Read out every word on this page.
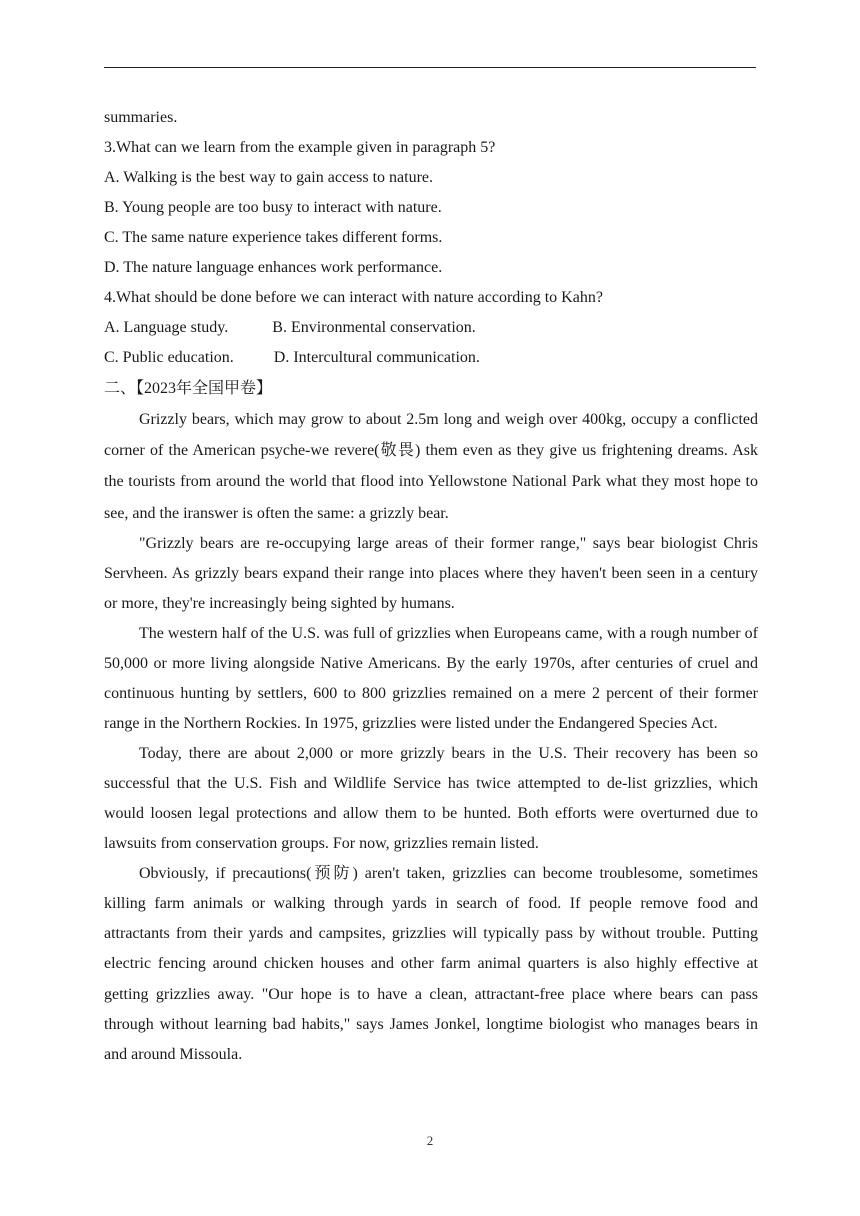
summaries.
3.What can we learn from the example given in paragraph 5?
A. Walking is the best way to gain access to nature.
B. Young people are too busy to interact with nature.
C. The same nature experience takes different forms.
D. The nature language enhances work performance.
4.What should be done before we can interact with nature according to Kahn?
A. Language study.	B. Environmental conservation.
C. Public education.	D. Intercultural communication.
二、【2023年全国甲卷】

Grizzly bears, which may grow to about 2.5m long and weigh over 400kg, occupy a conflicted corner of the American psyche-we revere(敬畏) them even as they give us frightening dreams. Ask the tourists from around the world that flood into Yellowstone National Park what they most hope to see, and the iranswer is often the same: a grizzly bear.

"Grizzly bears are re-occupying large areas of their former range," says bear biologist Chris Servheen. As grizzly bears expand their range into places where they haven't been seen in a century or more, they're increasingly being sighted by humans.

The western half of the U.S. was full of grizzlies when Europeans came, with a rough number of 50,000 or more living alongside Native Americans. By the early 1970s, after centuries of cruel and continuous hunting by settlers, 600 to 800 grizzlies remained on a mere 2 percent of their former range in the Northern Rockies. In 1975, grizzlies were listed under the Endangered Species Act.

Today, there are about 2,000 or more grizzly bears in the U.S. Their recovery has been so successful that the U.S. Fish and Wildlife Service has twice attempted to de-list grizzlies, which would loosen legal protections and allow them to be hunted. Both efforts were overturned due to lawsuits from conservation groups. For now, grizzlies remain listed.

Obviously, if precautions(预防) aren't taken, grizzlies can become troublesome, sometimes killing farm animals or walking through yards in search of food. If people remove food and attractants from their yards and campsites, grizzlies will typically pass by without trouble. Putting electric fencing around chicken houses and other farm animal quarters is also highly effective at getting grizzlies away. "Our hope is to have a clean, attractant-free place where bears can pass through without learning bad habits," says James Jonkel, longtime biologist who manages bears in and around Missoula.

2
